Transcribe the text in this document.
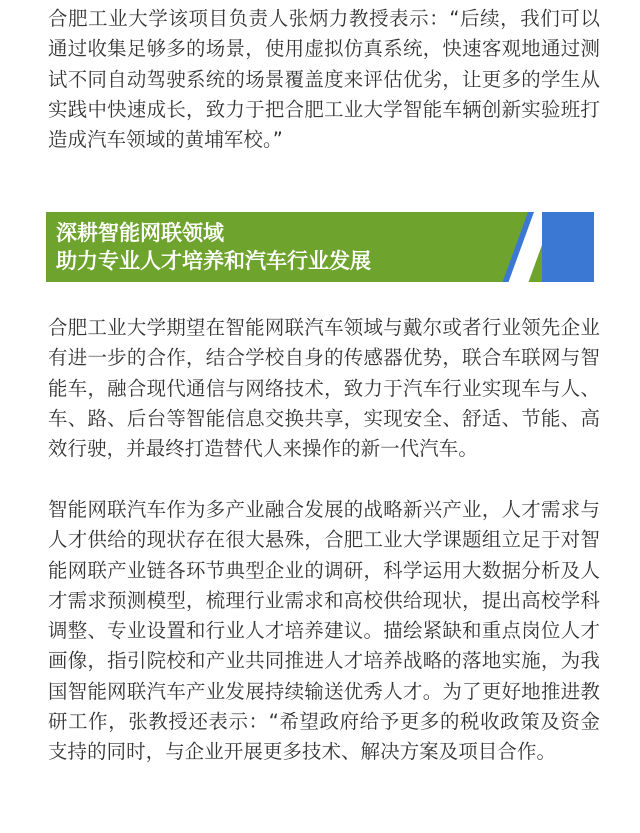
合肥工业大学该项目负责人张炳力教授表示：“后续，我们可以通过收集足够多的场景，使用虚拟仿真系统，快速客观地通过测试不同自动驾驶系统的场景覆盖度来评估优劣，让更多的学生从实践中快速成长，致力于把合肥工业大学智能车辆创新实验班打造成汽车领域的黄埔军校。”

深耕智能网联领域
助力专业人才培养和汽车行业发展

合肥工业大学期望在智能网联汽车领域与戴尔或者行业领先企业有进一步的合作，结合学校自身的传感器优势，联合车联网与智能车，融合现代通信与网络技术，致力于汽车行业实现车与人、车、路、后台等智能信息交换共享，实现安全、舒适、节能、高效行驶，并最终打造替代人来操作的新一代汽车。

智能网联汽车作为多产业融合发展的战略新兴产业，人才需求与人才供给的现状存在很大悬殊，合肥工业大学课题组立足于对智能网联产业链各环节典型企业的调研，科学运用大数据分析及人才需求预测模型，梳理行业需求和高校供给现状，提出高校学科调整、专业设置和行业人才培养建议。描绘紧缺和重点岗位人才画像，指引院校和产业共同推进人才培养战略的落地实施，为我国智能网联汽车产业发展持续输送优秀人才。为了更好地推进教研工作，张教授还表示：“希望政府给予更多的税收政策及资金支持的同时，与企业开展更多技术、解决方案及项目合作。
